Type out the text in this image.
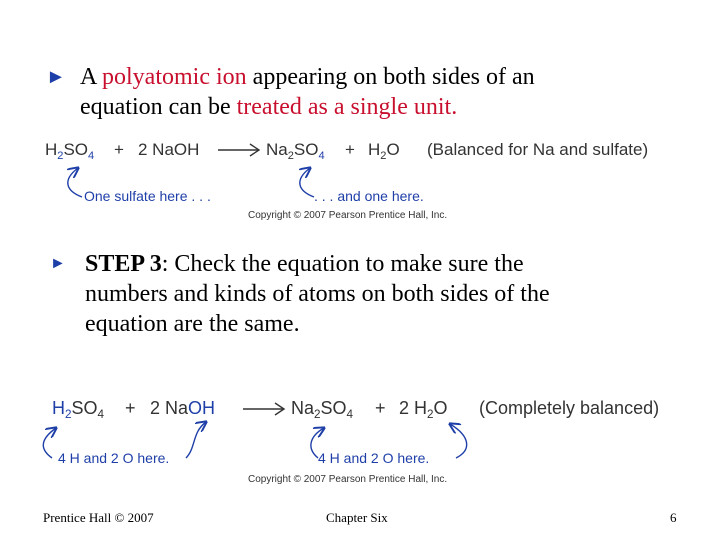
► A polyatomic ion appearing on both sides of an
equation can be treated as a single unit.
$H_2SO_4 + 2$ NaOH	$Na_2SO_4 + H_2O$ (Balanced for Na and sulfate)
One sulfate here . . .	. . . and one here.
Copyright © 2007 Pearson Prentice Hall, Inc.
► STEP 3: Check the equation to make sure the
numbers and kinds of atoms on both sides of the
equation are the same.
$H_2SO_4 + 2$ NaOH	$Na_2SO_4 + 2$ $H_2O$ (Completely balanced)
4 H and 2 O here.	4 H and 2 O here.
Copyright © 2007 Pearson Prentice Hall, Inc.
Prentice Hall © 2007	Chapter Six	6
